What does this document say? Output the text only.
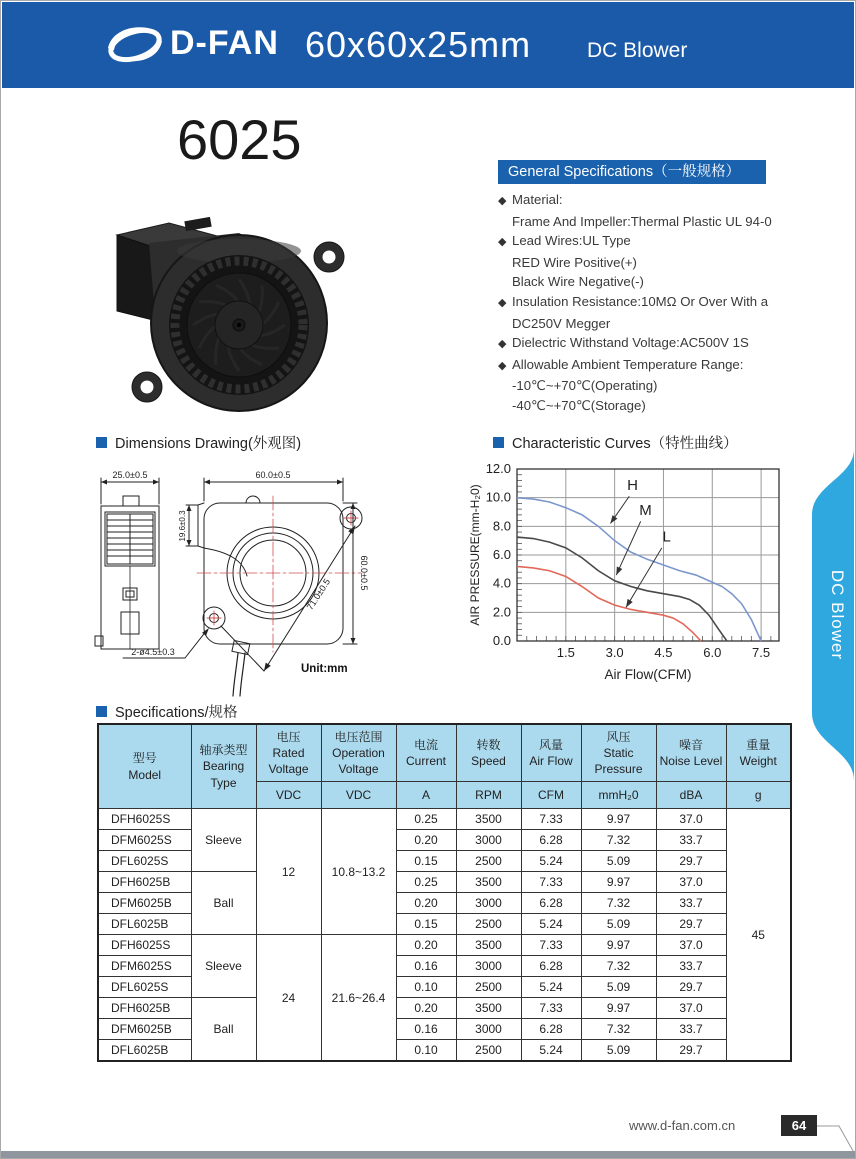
D-FAN 60x60x25mm	DC Blower
6025
General Specifications（一般规格）
◆ Material:
Frame And Impeller:Thermal Plastic UL 94-0
◆ Lead Wires:UL Type
RED Wire Positive(+)
Black Wire Negative(-)
◆ Insulation Resistance:10MΩ Or Over With a
DC250V Megger
◆ Dielectric Withstand Voltage:AC500V 1S
◆ Allowable Ambient Temperature Range:
-10℃~+70℃(Operating)
-40℃~+70℃(Storage)
Dimensions Drawing(外观图)	Characteristic Curves（特性曲线）
25.0±0.5	60.0±0.5
19.6±0.3
60.0±0.5
71.0±0.5
2-ø4.5±0.3
Unit:mm
H
M
L
1.5 3.0 4.5 6.0 7.5
0.0
2.0
4.0
6.0
8.0
10.0
12.0
Air Flow(CFM)
AIR PRESSURE(mm-H₂0)
Specifications/规格
型号
Model

轴承类型
Bearing Type

电压
Rated Voltage

电压范围
Operation Voltage

电流
Current

转数
Speed

风量
Air Flow

风压
Static Pressure

噪音
Noise Level

重量
Weight

		VDC	VDC	A	RPM	CFM	mmH₂0	dBA	g
DFH6025S	Sleeve	12	10.8~13.2	0.25	3500	7.33	9.97	37.0	45
DFM6025S				0.20	3000	6.28	7.32	33.7	
DFL6025S				0.15	2500	5.24	5.09	29.7	
DFH6025B	Ball			0.25	3500	7.33	9.97	37.0	
DFM6025B				0.20	3000	6.28	7.32	33.7	
DFL6025B				0.15	2500	5.24	5.09	29.7	
DFH6025S	Sleeve	24	21.6~26.4	0.20	3500	7.33	9.97	37.0	
DFM6025S				0.16	3000	6.28	7.32	33.7	
DFL6025S				0.10	2500	5.24	5.09	29.7	
DFH6025B	Ball			0.20	3500	7.33	9.97	37.0	
DFM6025B				0.16	3000	6.28	7.32	33.7	
DFL6025B				0.10	2500	5.24	5.09	29.7	
DC Blower
www.d-fan.com.cn	64
